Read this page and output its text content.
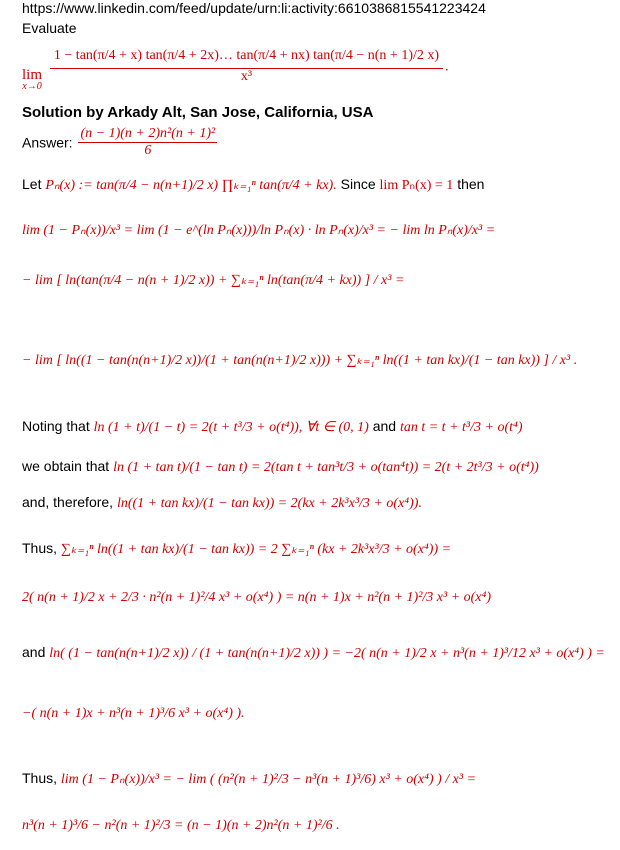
https://www.linkedin.com/feed/update/urn:li:activity:6610386815541223424
Evaluate
lim
x→0

1 − tan(π/4 + x) tan(π/4 + 2x)… tan(π/4 + nx) tan(π/4 − n(n + 1)/2 x)
x³
.
Solution by Arkady Alt, San Jose, California, USA
Answer: $\frac{\text{(n − 1)(n + 2)n²(n + 1)²}}{6}$
Let Pₙ(x) := tan(π/4 − n(n+1)/2 x) ∏ₖ₌₁ⁿ tan(π/4 + kx). Since lim Pₙ(x) = 1 then
lim (1 − Pₙ(x))/x³ = lim (1 − e^(ln Pₙ(x)))/ln Pₙ(x) · ln Pₙ(x)/x³ = − lim ln Pₙ(x)/x³ =
− lim [ ln(tan(π/4 − n(n + 1)/2 x)) + ∑ₖ₌₁ⁿ ln(tan(π/4 + kx)) ] / x³ =
− lim [ ln((1 − tan(n(n+1)/2 x))/(1 + tan(n(n+1)/2 x))) + ∑ₖ₌₁ⁿ ln((1 + tan kx)/(1 − tan kx)) ] / x³ .
Noting that ln (1 + t)/(1 − t) = 2(t + t³/3 + o(t⁴)), ∀t ∈ (0, 1) and tan t = t + t³/3 + o(t⁴)
we obtain that ln (1 + tan t)/(1 − tan t) = 2(tan t + tan³t/3 + o(tan⁴t)) = 2(t + 2t³/3 + o(t⁴))
and, therefore, ln((1 + tan kx)/(1 − tan kx)) = 2(kx + 2k³x³/3 + o(x⁴)).
Thus, ∑ₖ₌₁ⁿ ln((1 + tan kx)/(1 − tan kx)) = 2 ∑ₖ₌₁ⁿ (kx + 2k³x³/3 + o(x⁴)) =
2( n(n + 1)/2 x + 2/3 · n²(n + 1)²/4 x³ + o(x⁴) ) = n(n + 1)x + n²(n + 1)²/3 x³ + o(x⁴)
and ln( (1 − tan(n(n+1)/2 x)) / (1 + tan(n(n+1)/2 x)) ) = −2( n(n + 1)/2 x + n³(n + 1)³/12 x³ + o(x⁴) ) =
−( n(n + 1)x + n³(n + 1)³/6 x³ + o(x⁴) ).
Thus, lim (1 − Pₙ(x))/x³ = − lim ( (n²(n + 1)²/3 − n³(n + 1)³/6) x³ + o(x⁴) ) / x³ =
n³(n + 1)³/6 − n²(n + 1)²/3 = (n − 1)(n + 2)n²(n + 1)²/6 .
